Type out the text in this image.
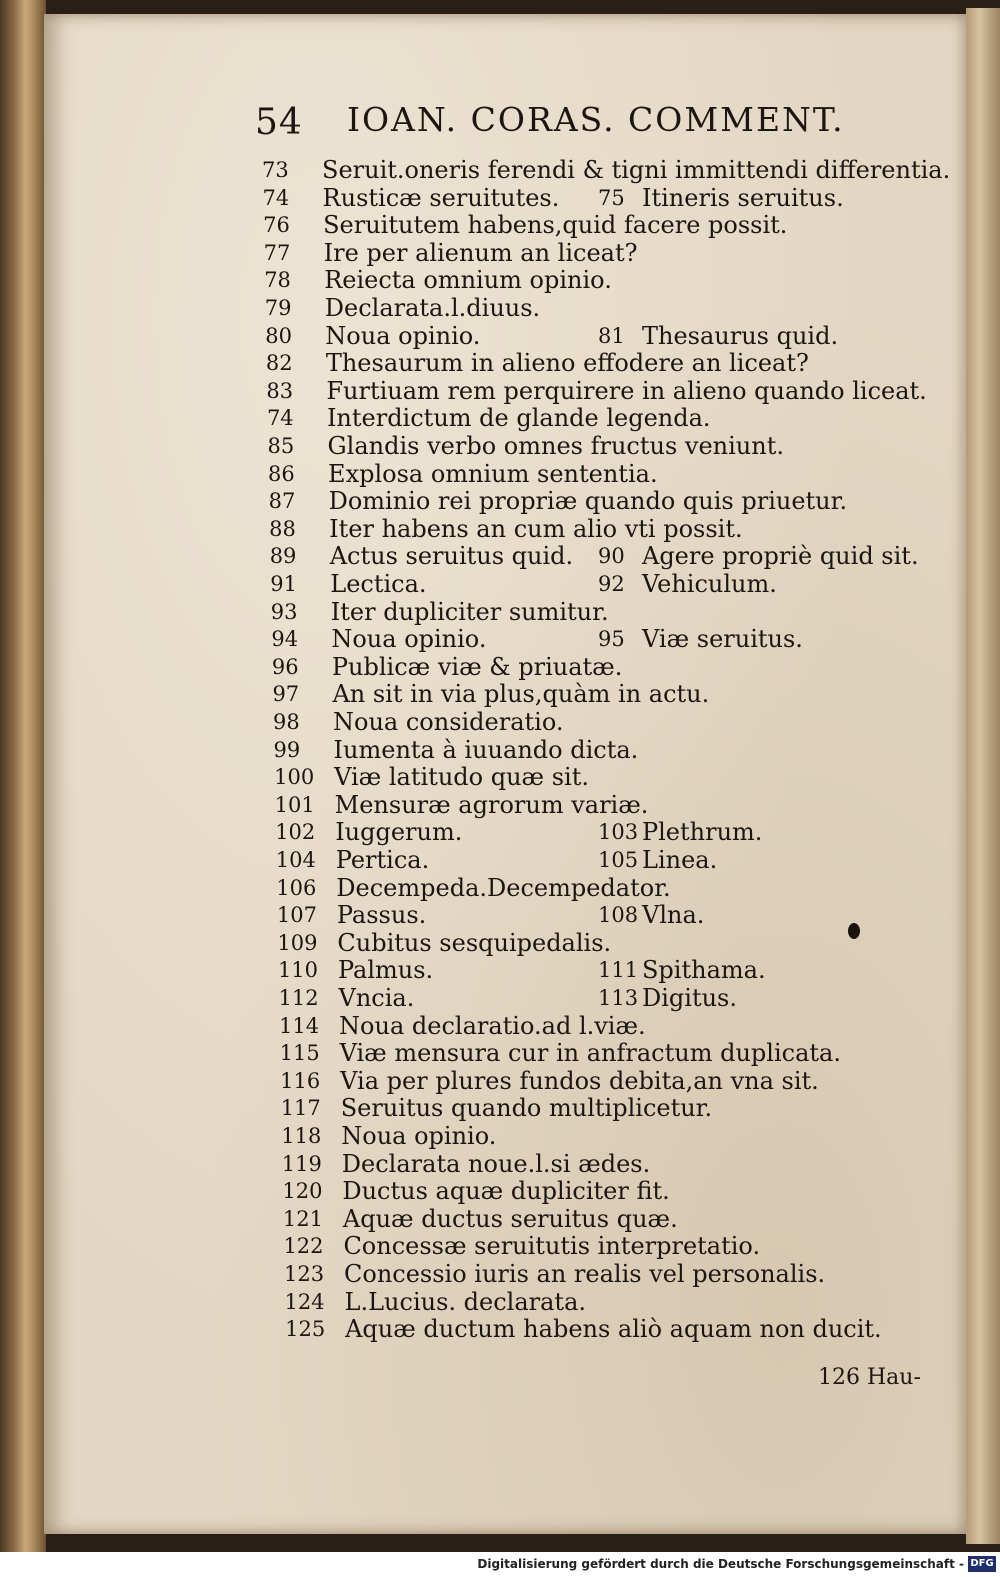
54 IOAN. CORAS. COMMENT.
73	Seruit.oneris ferendi & tigni immittendi differentia.
74	Rusticæ seruitutes. 75 Itineris seruitus.
76	Seruitutem habens,quid facere possit.
77	Ire per alienum an liceat?
78	Reiecta omnium opinio.
79	Declarata.l.diuus.
80	Noua opinio.	81 Thesaurus quid.
82	Thesaurum in alieno effodere an liceat?
83	Furtiuam rem perquirere in alieno quando liceat.
74	Interdictum de glande legenda.
85	Glandis verbo omnes fructus veniunt.
86	Explosa omnium sententia.
87	Dominio rei propriæ quando quis priuetur.
88	Iter habens an cum alio vti possit.
89	Actus seruitus quid. 90 Agere propriè quid sit.
91	Lectica.	92 Vehiculum.
93	Iter dupliciter sumitur.
94	Noua opinio.	95 Viæ seruitus.
96	Publicæ viæ & priuatæ.
97	An sit in via plus,quàm in actu.
98	Noua consideratio.
99	Iumenta à iuuando dicta.
100 Viæ latitudo quæ sit.
101 Mensuræ agrorum variæ.
102 Iuggerum.	103 Plethrum.
104 Pertica.	105 Linea.
106 Decempeda.Decempedator.
107 Passus.	108 Vlna.
109 Cubitus sesquipedalis.
110 Palmus.	111 Spithama.
112 Vncia.	113 Digitus.
114 Noua declaratio.ad l.viæ.
115 Viæ mensura cur in anfractum duplicata.
116 Via per plures fundos debita,an vna sit.
117 Seruitus quando multiplicetur.
118 Noua opinio.
119 Declarata noue.l.si ædes.
120 Ductus aquæ dupliciter fit.
121 Aquæ ductus seruitus quæ.
122 Concessæ seruitutis interpretatio.
123 Concessio iuris an realis vel personalis.
124 L.Lucius. declarata.
125 Aquæ ductum habens aliò aquam non ducit.
126 Hau-
Digitalisierung gefördert durch die Deutsche Forschungsgemeinschaft - DFG
